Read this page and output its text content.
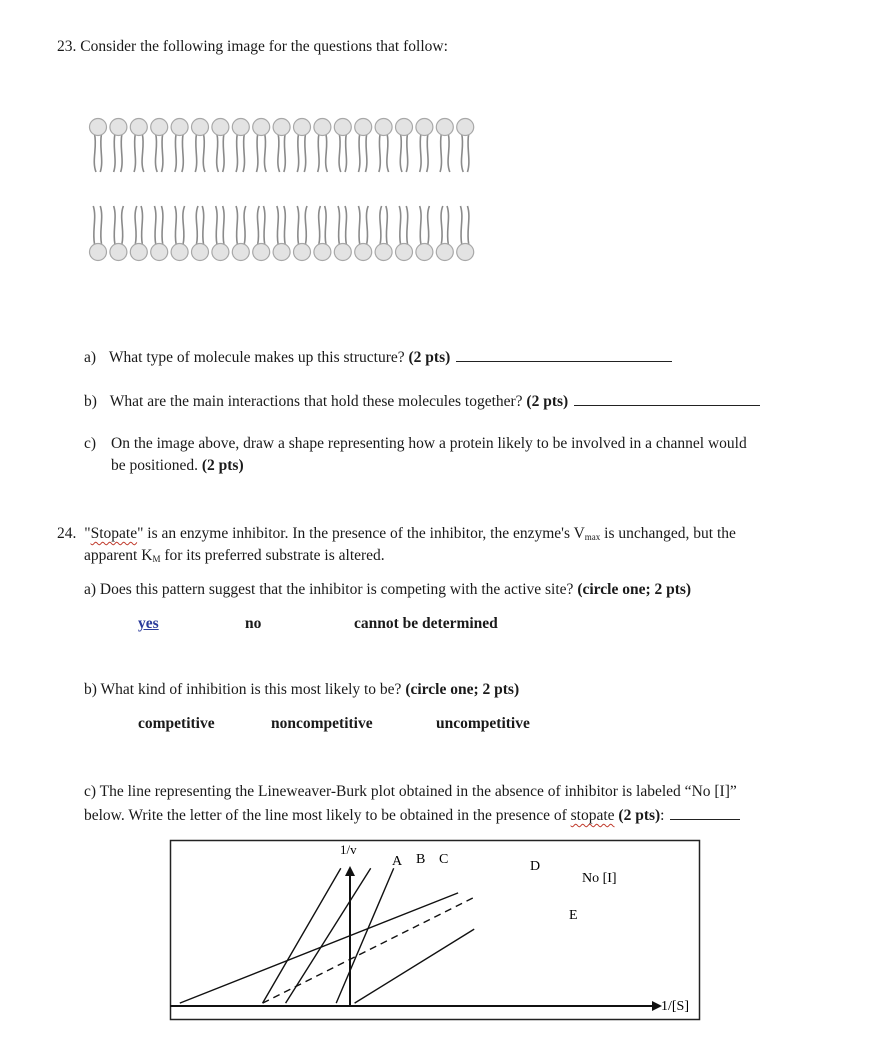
23. Consider the following image for the questions that follow:
a) What type of molecule makes up this structure? (2 pts)
b) What are the main interactions that hold these molecules together? (2 pts)
c) On the image above, draw a shape representing how a protein likely to be involved in a channel would
be positioned. (2 pts)
24. "Stopate" is an enzyme inhibitor. In the presence of the inhibitor, the enzyme's $V_{max}$ is unchanged, but the
apparent $K_M$ for its preferred substrate is altered.
a) Does this pattern suggest that the inhibitor is competing with the active site? (circle one; 2 pts)
yes	no	cannot be determined
b) What kind of inhibition is this most likely to be? (circle one; 2 pts)
competitive	noncompetitive	uncompetitive
c) The line representing the Lineweaver-Burk plot obtained in the absence of inhibitor is labeled “No [I]”
below. Write the letter of the line most likely to be obtained in the presence of stopate (2 pts):
1/v
1/[S]
A B C	D
No [I]
E
